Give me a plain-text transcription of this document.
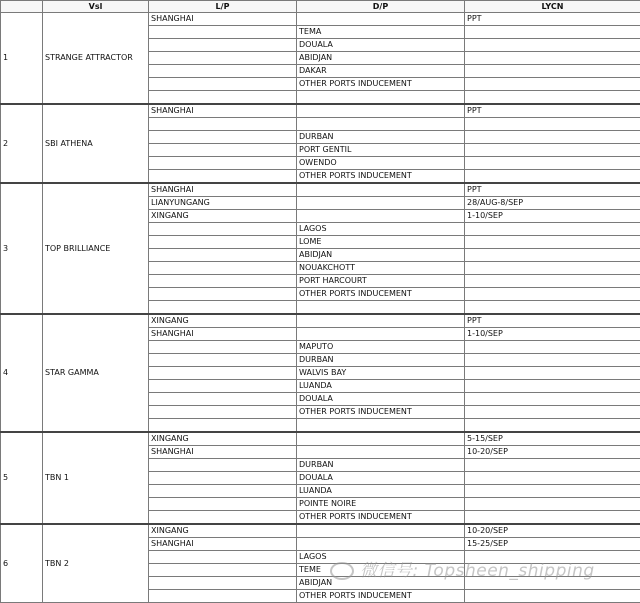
	Vsl	L/P	D/P	LYCN
1	STRANGE ATTRACTOR	SHANGHAI		PPT
			TEMA	
			DOUALA	
			ABIDJAN	
			DAKAR	
			OTHER PORTS INDUCEMENT	

2	SBI ATHENA	SHANGHAI		PPT

			DURBAN	
			PORT GENTIL	
			OWENDO	
			OTHER PORTS INDUCEMENT	
3	TOP BRILLIANCE	SHANGHAI		PPT
		LIANYUNGANG		28/AUG-8/SEP
		XINGANG		1-10/SEP
			LAGOS	
			LOME	
			ABIDJAN	
			NOUAKCHOTT	
			PORT HARCOURT	
			OTHER PORTS INDUCEMENT	

4	STAR GAMMA	XINGANG		PPT
		SHANGHAI		1-10/SEP
			MAPUTO	
			DURBAN	
			WALVIS BAY	
			LUANDA	
			DOUALA	
			OTHER PORTS INDUCEMENT	

5	TBN 1	XINGANG		5-15/SEP
		SHANGHAI		10-20/SEP
			DURBAN	
			DOUALA	
			LUANDA	
			POINTE NOIRE	
			OTHER PORTS INDUCEMENT	
6	TBN 2	XINGANG		10-20/SEP
		SHANGHAI		15-25/SEP
			LAGOS	
			TEME	
			ABIDJAN	
			OTHER PORTS INDUCEMENT	
微信号: Topsheen_shipping
